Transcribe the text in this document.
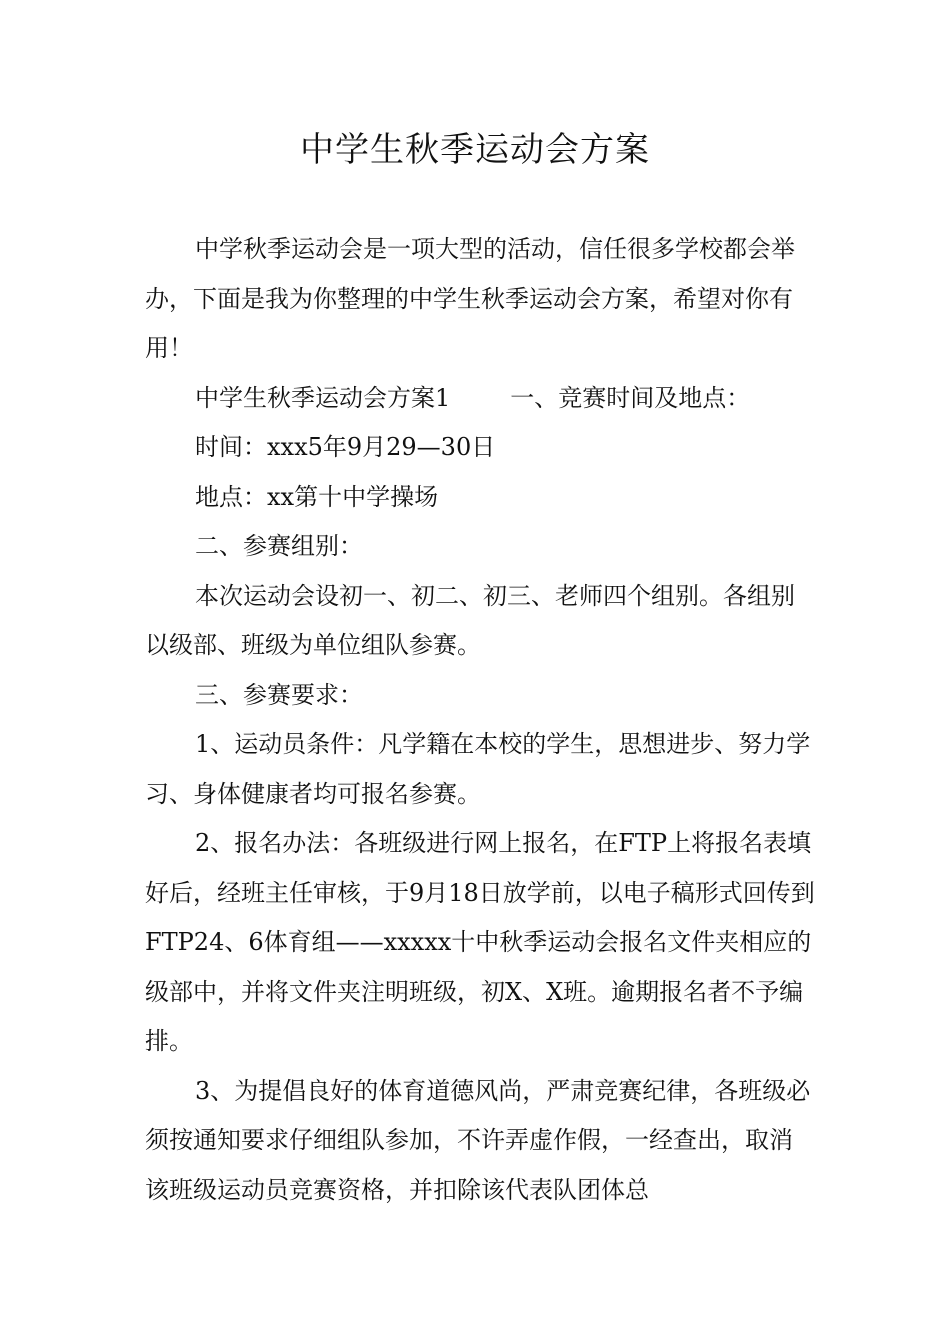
中学生秋季运动会方案

中学秋季运动会是一项大型的活动，信任很多学校都会举办，下面是我为你整理的中学生秋季运动会方案，希望对你有用！

中学生秋季运动会方案1	一、竞赛时间及地点：

时间：xxx5年9月29—30日

地点：xx第十中学操场

二、参赛组别：

本次运动会设初一、初二、初三、老师四个组别。各组别以级部、班级为单位组队参赛。

三、参赛要求：

1、运动员条件：凡学籍在本校的学生，思想进步、努力学习、身体健康者均可报名参赛。

2、报名办法：各班级进行网上报名，在FTP上将报名表填好后，经班主任审核，于9月18日放学前，以电子稿形式回传到FTP24、6体育组——xxxxx十中秋季运动会报名文件夹相应的级部中，并将文件夹注明班级，初X、X班。逾期报名者不予编排。

3、为提倡良好的体育道德风尚，严肃竞赛纪律，各班级必须按通知要求仔细组队参加，不许弄虚作假，一经查出，取消该班级运动员竞赛资格，并扣除该代表队团体总
